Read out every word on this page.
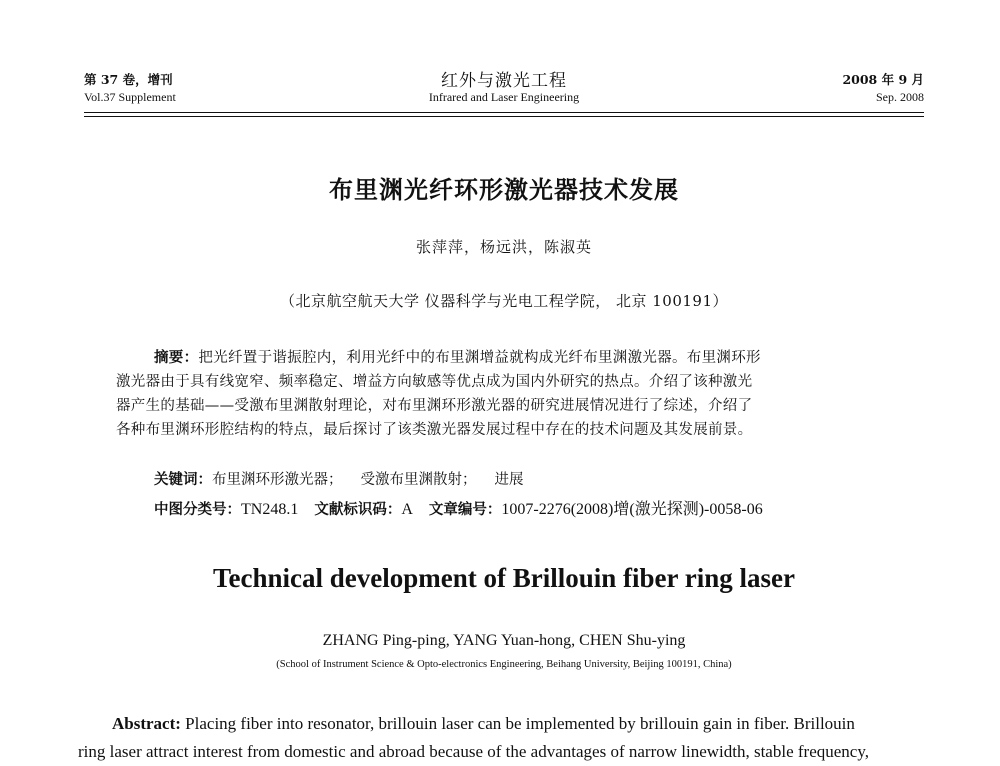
第 37 卷，增刊
Vol.37 Supplement
红外与激光工程
Infrared and Laser Engineering
2008 年 9 月
Sep. 2008
布里渊光纤环形激光器技术发展
张萍萍，杨远洪，陈淑英
（北京航空航天大学 仪器科学与光电工程学院， 北京 100191）
摘要：把光纤置于谐振腔内，利用光纤中的布里渊增益就构成光纤布里渊激光器。布里渊环形
激光器由于具有线宽窄、频率稳定、增益方向敏感等优点成为国内外研究的热点。介绍了该种激光
器产生的基础——受激布里渊散射理论，对布里渊环形激光器的研究进展情况进行了综述，介绍了
各种布里渊环形腔结构的特点，最后探讨了该类激光器发展过程中存在的技术问题及其发展前景。
关键词：布里渊环形激光器； 受激布里渊散射； 进展
中图分类号：TN248.1 文献标识码：A 文章编号：1007-2276(2008)增(激光探测)-0058-06
Technical development of Brillouin fiber ring laser
ZHANG Ping-ping, YANG Yuan-hong, CHEN Shu-ying
(School of Instrument Science & Opto-electronics Engineering, Beihang University, Beijing 100191, China)
Abstract: Placing fiber into resonator, brillouin laser can be implemented by brillouin gain in fiber. Brillouin
ring laser attract interest from domestic and abroad because of the advantages of narrow linewidth, stable frequency,
